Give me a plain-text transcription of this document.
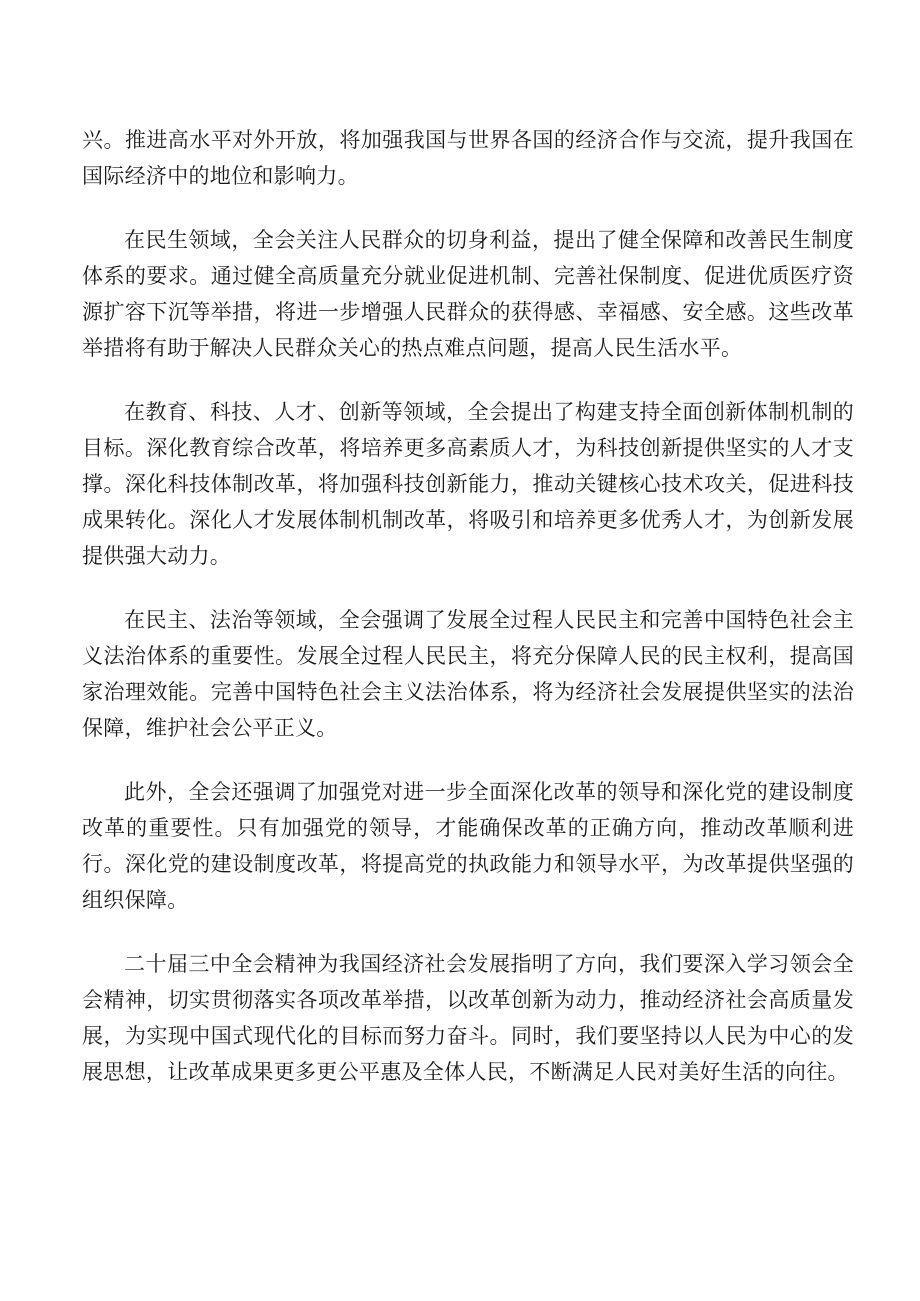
兴。推进高水平对外开放，将加强我国与世界各国的经济合作与交流，提升我国在国际经济中的地位和影响力。

在民生领域，全会关注人民群众的切身利益，提出了健全保障和改善民生制度体系的要求。通过健全高质量充分就业促进机制、完善社保制度、促进优质医疗资源扩容下沉等举措，将进一步增强人民群众的获得感、幸福感、安全感。这些改革举措将有助于解决人民群众关心的热点难点问题，提高人民生活水平。

在教育、科技、人才、创新等领域，全会提出了构建支持全面创新体制机制的目标。深化教育综合改革，将培养更多高素质人才，为科技创新提供坚实的人才支撑。深化科技体制改革，将加强科技创新能力，推动关键核心技术攻关，促进科技成果转化。深化人才发展体制机制改革，将吸引和培养更多优秀人才，为创新发展提供强大动力。

在民主、法治等领域，全会强调了发展全过程人民民主和完善中国特色社会主义法治体系的重要性。发展全过程人民民主，将充分保障人民的民主权利，提高国家治理效能。完善中国特色社会主义法治体系，将为经济社会发展提供坚实的法治保障，维护社会公平正义。

此外，全会还强调了加强党对进一步全面深化改革的领导和深化党的建设制度改革的重要性。只有加强党的领导，才能确保改革的正确方向，推动改革顺利进行。深化党的建设制度改革，将提高党的执政能力和领导水平，为改革提供坚强的组织保障。

二十届三中全会精神为我国经济社会发展指明了方向，我们要深入学习领会全会精神，切实贯彻落实各项改革举措，以改革创新为动力，推动经济社会高质量发展，为实现中国式现代化的目标而努力奋斗。同时，我们要坚持以人民为中心的发展思想，让改革成果更多更公平惠及全体人民，不断满足人民对美好生活的向往。
